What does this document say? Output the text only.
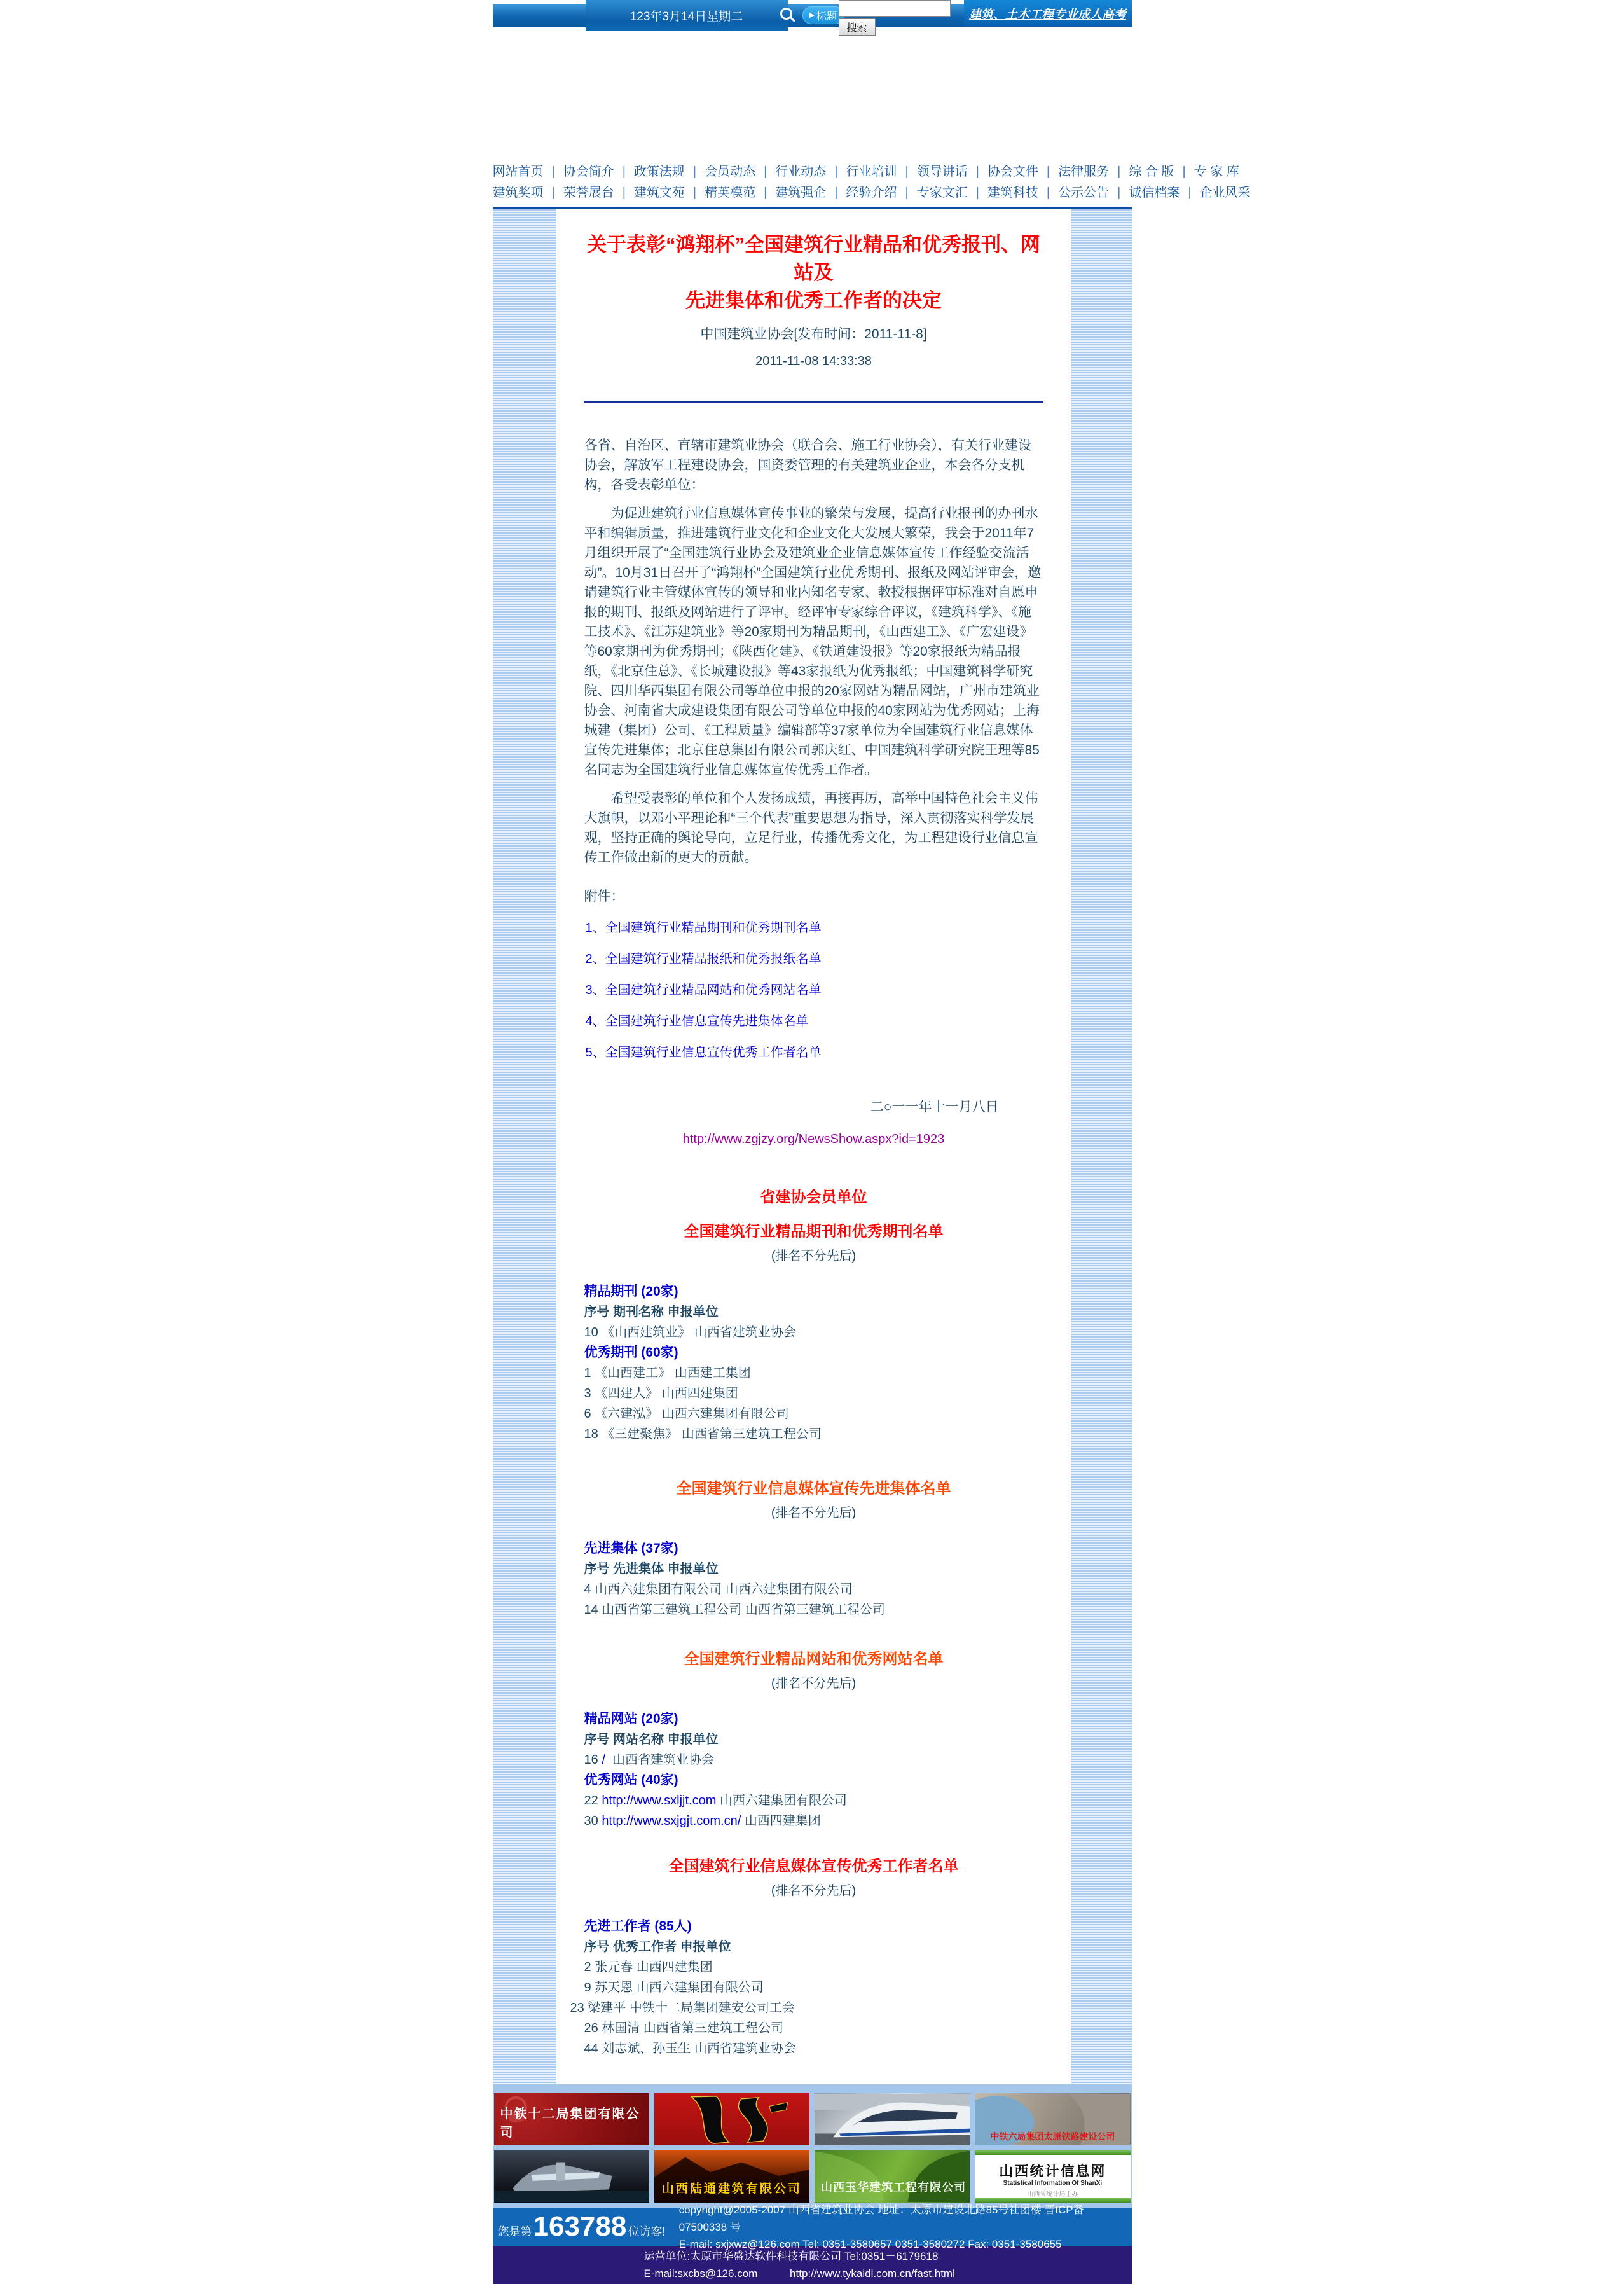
123年3月14日星期二	▶ 标题
搜索
建筑、土木工程专业成人高考
网站首页 | 协会简介 | 政策法规 | 会员动态 | 行业动态 | 行业培训 | 领导讲话 | 协会文件 | 法律服务 | 综 合 版 | 专 家 库
建筑奖项 | 荣誉展台 | 建筑文苑 | 精英模范 | 建筑强企 | 经验介绍 | 专家文汇 | 建筑科技 | 公示公告 | 诚信档案 | 企业风采
关于表彰“鸿翔杯”全国建筑行业精品和优秀报刊、网站及
先进集体和优秀工作者的决定
中国建筑业协会[发布时间：2011-11-8]
2011-11-08 14:33:38

各省、自治区、直辖市建筑业协会（联合会、施工行业协会），有关行业建设协会，解放军工程建设协会，国资委管理的有关建筑业企业，本会各分支机构，各受表彰单位：

为促进建筑行业信息媒体宣传事业的繁荣与发展，提高行业报刊的办刊水平和编辑质量，推进建筑行业文化和企业文化大发展大繁荣，我会于2011年7月组织开展了“全国建筑行业协会及建筑业企业信息媒体宣传工作经验交流活动”。10月31日召开了“鸿翔杯”全国建筑行业优秀期刊、报纸及网站评审会，邀请建筑行业主管媒体宣传的领导和业内知名专家、教授根据评审标准对自愿申报的期刊、报纸及网站进行了评审。经评审专家综合评议，《建筑科学》、《施工技术》、《江苏建筑业》等20家期刊为精品期刊，《山西建工》、《广宏建设》等60家期刊为优秀期刊；《陕西化建》、《铁道建设报》等20家报纸为精品报纸，《北京住总》、《长城建设报》等43家报纸为优秀报纸；中国建筑科学研究院、四川华西集团有限公司等单位申报的20家网站为精品网站，广州市建筑业协会、河南省大成建设集团有限公司等单位申报的40家网站为优秀网站；上海城建（集团）公司、《工程质量》编辑部等37家单位为全国建筑行业信息媒体宣传先进集体；北京住总集团有限公司郭庆红、中国建筑科学研究院王理等85名同志为全国建筑行业信息媒体宣传优秀工作者。

希望受表彰的单位和个人发扬成绩，再接再厉，高举中国特色社会主义伟大旗帜，以邓小平理论和“三个代表”重要思想为指导，深入贯彻落实科学发展观，坚持正确的舆论导向，立足行业，传播优秀文化，为工程建设行业信息宣传工作做出新的更大的贡献。

附件：
1、全国建筑行业精品期刊和优秀期刊名单
2、全国建筑行业精品报纸和优秀报纸名单
3、全国建筑行业精品网站和优秀网站名单
4、全国建筑行业信息宣传先进集体名单
5、全国建筑行业信息宣传优秀工作者名单
二○一一年十一月八日
http://www.zgjzy.org/NewsShow.aspx?id=1923
省建协会员单位
全国建筑行业精品期刊和优秀期刊名单
(排名不分先后)
精品期刊 (20家)
序号 期刊名称 申报单位
10 《山西建筑业》 山西省建筑业协会
优秀期刊 (60家)
1 《山西建工》 山西建工集团
3 《四建人》 山西四建集团
6 《六建泓》 山西六建集团有限公司
18 《三建聚焦》 山西省第三建筑工程公司
全国建筑行业信息媒体宣传先进集体名单
(排名不分先后)
先进集体 (37家)
序号 先进集体 申报单位
4 山西六建集团有限公司 山西六建集团有限公司
14 山西省第三建筑工程公司 山西省第三建筑工程公司
全国建筑行业精品网站和优秀网站名单
(排名不分先后)
精品网站 (20家)
序号 网站名称 申报单位
16 / 山西省建筑业协会
优秀网站 (40家)
22 http://www.sxljjt.com 山西六建集团有限公司
30 http://www.sxjgjt.com.cn/ 山西四建集团
全国建筑行业信息媒体宣传优秀工作者名单
(排名不分先后)
先进工作者 (85人)
序号 优秀工作者 申报单位
2 张元春 山西四建集团
9 苏天恩 山西六建集团有限公司
23 梁建平 中铁十二局集团建安公司工会
26 林国清 山西省第三建筑工程公司
44 刘志斌、孙玉生 山西省建筑业协会
中铁十二局集团有限公司	中铁六局集团太原铁路建设公司
山西陆通建筑有限公司	山西玉华建筑工程有限公司
山西统计信息网
Statistical Information Of ShanXi
山西省统计局主办
您是第 163788 位访客!
copyright@2005-2007 山西省建筑业协会 地址：太原市建设北路85号社团楼 晋ICP备 07500338 号
E-mail: sxjxwz@126.com Tel: 0351-3580657 0351-3580272 Fax: 0351-3580655
运营单位:太原市华盛达软件科技有限公司 Tel:0351－6179618
E-mail:sxcbs@126.com	http://www.tykaidi.com.cn/fast.html
